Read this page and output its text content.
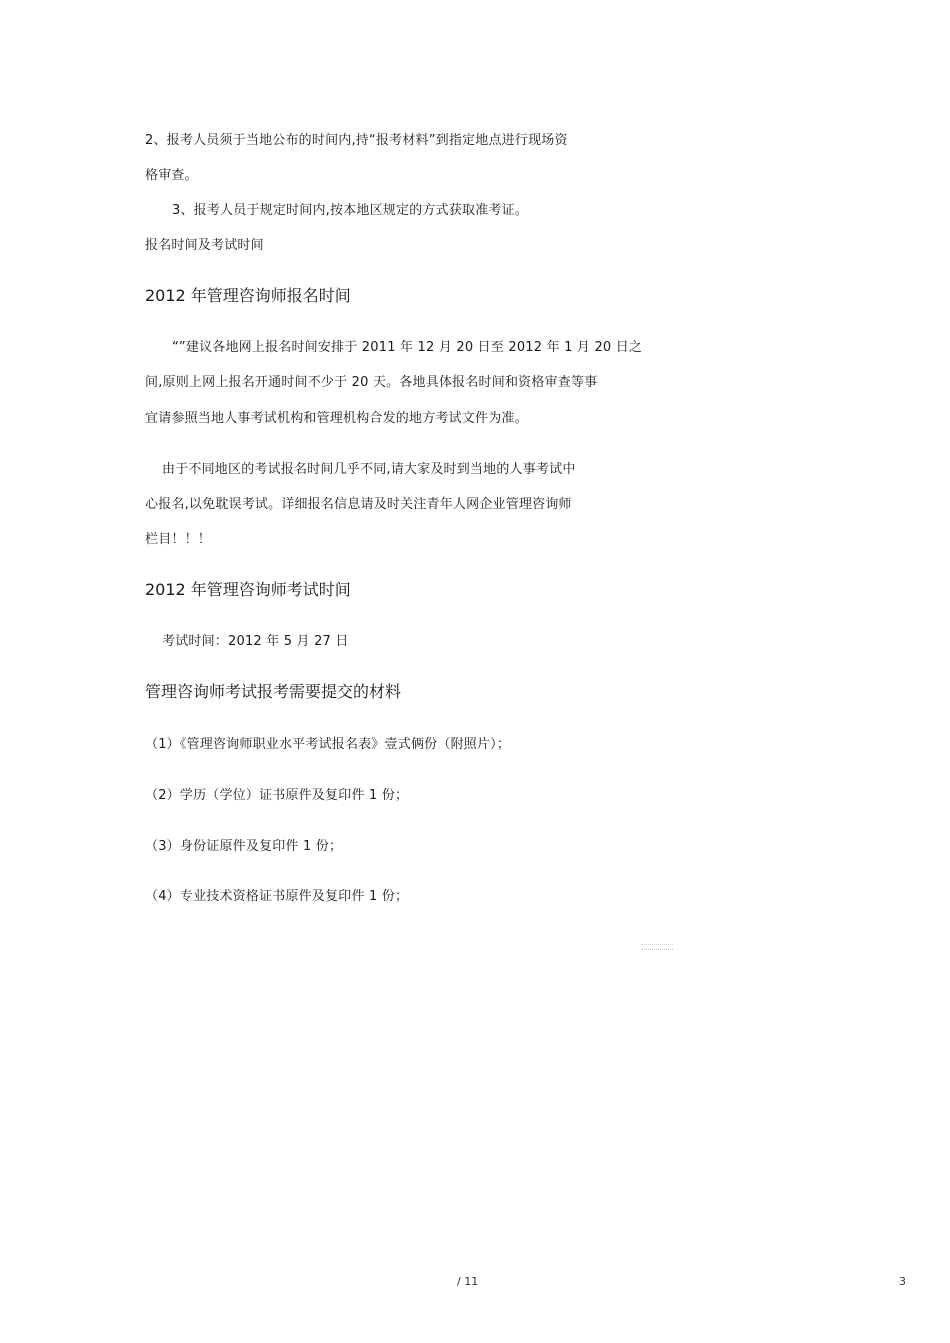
2、报考人员须于当地公布的时间内,持“报考材料”到指定地点进行现场资
格审查。
3、报考人员于规定时间内,按本地区规定的方式获取准考证。
报名时间及考试时间
2012 年管理咨询师报名时间
“”建议各地网上报名时间安排于 2011 年 12 月 20 日至 2012 年 1 月 20 日之
间,原则上网上报名开通时间不少于 20 天。各地具体报名时间和资格审查等事
宜请参照当地人事考试机构和管理机构合发的地方考试文件为准。
由于不同地区的考试报名时间几乎不同,请大家及时到当地的人事考试中
心报名,以免耽误考试。详细报名信息请及时关注青年人网企业管理咨询师
栏目！！！
2012 年管理咨询师考试时间
考试时间：2012 年 5 月 27 日
管理咨询师考试报考需要提交的材料
（1）《管理咨询师职业水平考试报名表》壹式俩份（附照片）；
（2）学历（学位）证书原件及复印件 1 份；
（3）身份证原件及复印件 1 份；
（4）专业技术资格证书原件及复印件 1 份；
/ 11	3
